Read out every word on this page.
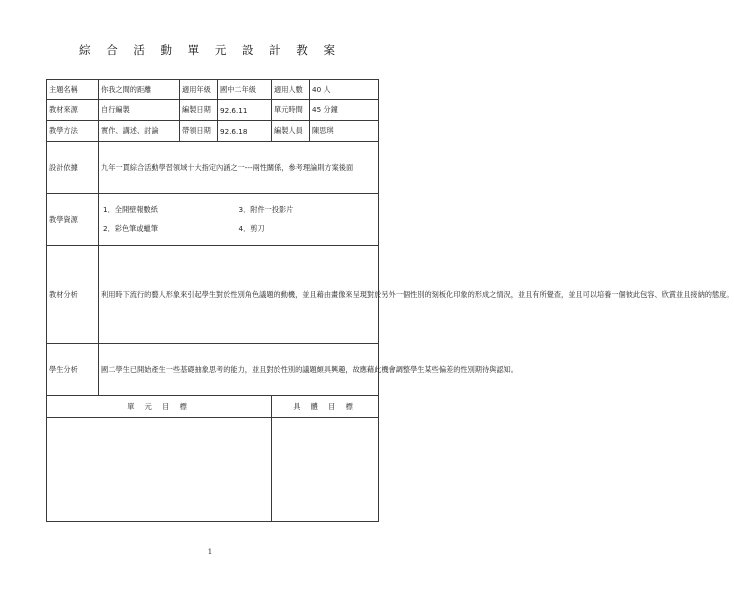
綜 合 活 動 單 元 設 計 教 案
主題名稱	你我之間的距離	適用年級	國中二年級	適用人數	40 人
教材來源	自行編製	編製日期	92.6.11	單元時間	45 分鐘
教學方法	實作、講述、討論	帶領日期	92.6.18	編製人員	陳思琪
設計依據	九年一貫綜合活動學習領域十大指定內涵之一---兩性關係，參考理論則方案後面				
教學資源	1．全開壁報數紙 3．附件一投影片
2．彩色筆或蠟筆 4．剪刀				

教材分析	利用時下流行的藝人形象來引起學生對於性別角色議題的動機，並且藉由畫像來呈現對於另外一個性別的刻板化印象的形成之情況，並且有所覺查，並且可以培養一個彼此包容、欣賞並且接納的態度。				
學生分析	國二學生已開始產生一些基礎抽象思考的能力，並且對於性別的議題頗具興趣，故應藉此機會調整學生某些偏差的性別期待與認知。				
單 元 目 標				具 體 目 標	

1
